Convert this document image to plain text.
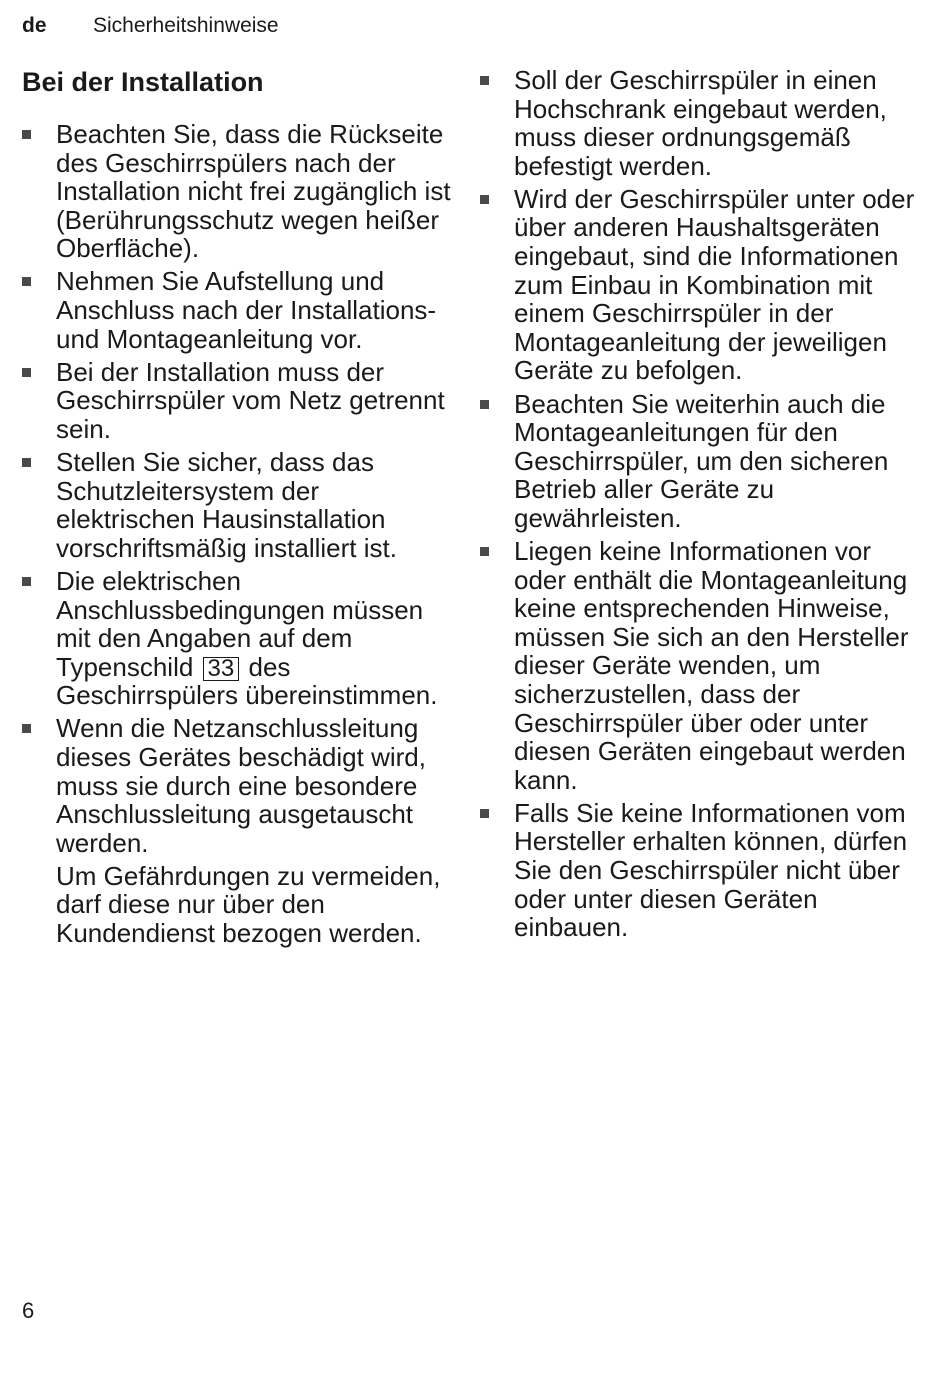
de	Sicherheitshinweise
Bei der Installation
Beachten Sie, dass die Rückseite des Geschirrspülers nach der Installation nicht frei zugänglich ist (Berührungsschutz wegen heißer Oberfläche).
Nehmen Sie Aufstellung und Anschluss nach der Installations- und Montageanleitung vor.
Bei der Installation muss der Geschirrspüler vom Netz getrennt sein.
Stellen Sie sicher, dass das Schutzleitersystem der elektrischen Hausinstallation vorschriftsmäßig installiert ist.
Die elektrischen Anschlussbedingungen müssen mit den Angaben auf dem Typenschild 33 des Geschirrspülers übereinstimmen.
Wenn die Netzanschlussleitung dieses Gerätes beschädigt wird, muss sie durch eine besondere Anschlussleitung ausgetauscht werden.

Um Gefährdungen zu vermeiden, darf diese nur über den Kundendienst bezogen werden.

Soll der Geschirrspüler in einen Hochschrank eingebaut werden, muss dieser ordnungsgemäß befestigt werden.
Wird der Geschirrspüler unter oder über anderen Haushaltsgeräten eingebaut, sind die Informationen zum Einbau in Kombination mit einem Geschirrspüler in der Montageanleitung der jeweiligen Geräte zu befolgen.
Beachten Sie weiterhin auch die Montageanleitungen für den Geschirrspüler, um den sicheren Betrieb aller Geräte zu gewährleisten.
Liegen keine Informationen vor oder enthält die Montageanleitung keine entsprechenden Hinweise, müssen Sie sich an den Hersteller dieser Geräte wenden, um sicherzustellen, dass der Geschirrspüler über oder unter diesen Geräten eingebaut werden kann.
Falls Sie keine Informationen vom Hersteller erhalten können, dürfen Sie den Geschirrspüler nicht über oder unter diesen Geräten einbauen.
6
